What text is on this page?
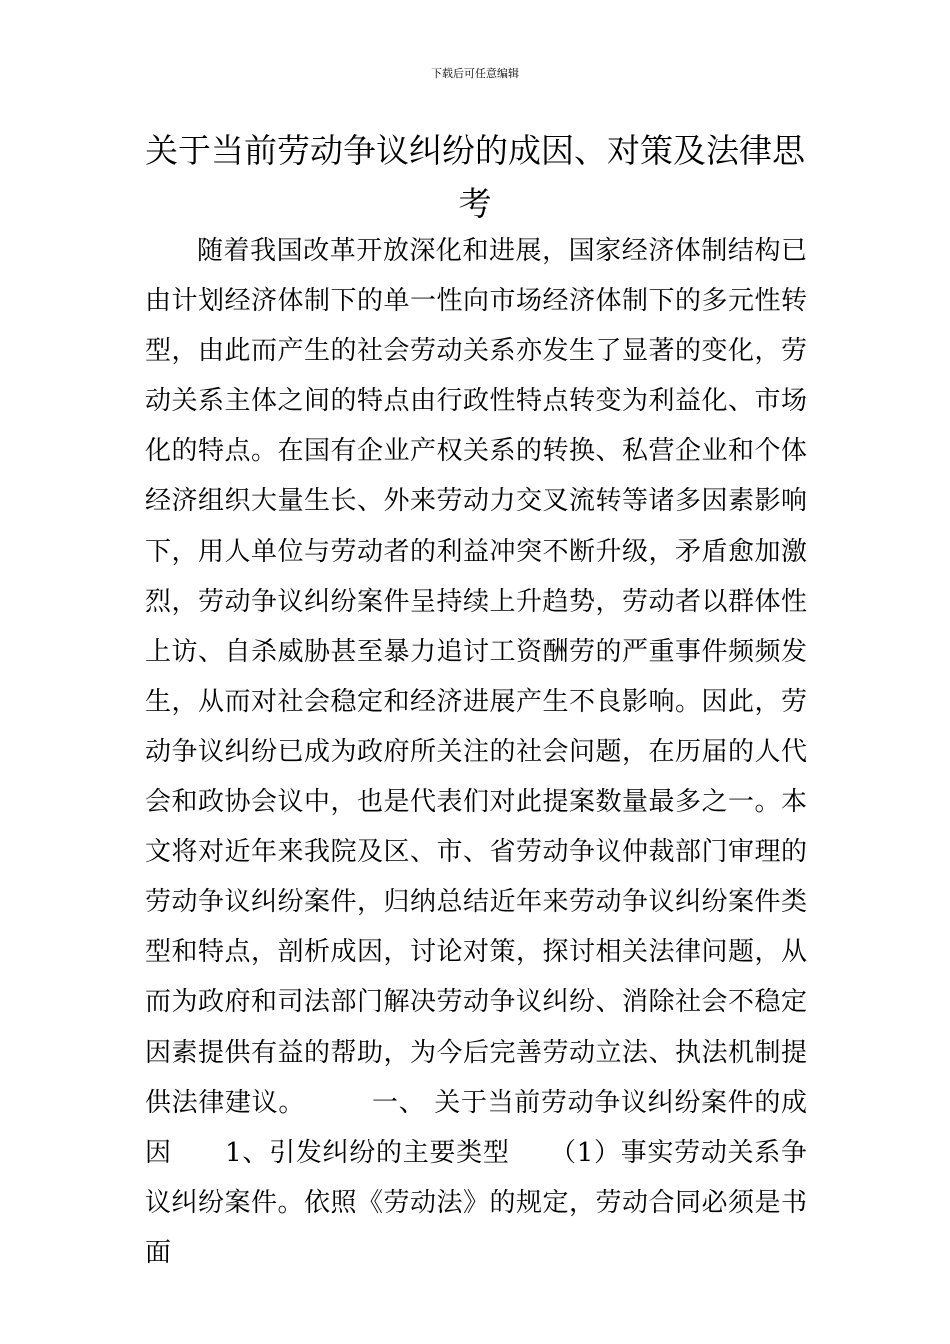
下载后可任意编辑
关于当前劳动争议纠纷的成因、对策及法律思考

随着我国改革开放深化和进展，国家经济体制结构已由计划经济体制下的单一性向市场经济体制下的多元性转型，由此而产生的社会劳动关系亦发生了显著的变化，劳动关系主体之间的特点由行政性特点转变为利益化、市场化的特点。在国有企业产权关系的转换、私营企业和个体经济组织大量生长、外来劳动力交叉流转等诸多因素影响下，用人单位与劳动者的利益冲突不断升级，矛盾愈加激烈，劳动争议纠纷案件呈持续上升趋势，劳动者以群体性上访、自杀威胁甚至暴力追讨工资酬劳的严重事件频频发生，从而对社会稳定和经济进展产生不良影响。因此，劳动争议纠纷已成为政府所关注的社会问题，在历届的人代会和政协会议中，也是代表们对此提案数量最多之一。本文将对近年来我院及区、市、省劳动争议仲裁部门审理的劳动争议纠纷案件，归纳总结近年来劳动争议纠纷案件类型和特点，剖析成因，讨论对策，探讨相关法律问题，从而为政府和司法部门解决劳动争议纠纷、消除社会不稳定因素提供有益的帮助，为今后完善劳动立法、执法机制提供法律建议。　　　一、 关于当前劳动争议纠纷案件的成因　　1、引发纠纷的主要类型　　（1）事实劳动关系争议纠纷案件。依照《劳动法》的规定，劳动合同必须是书面
